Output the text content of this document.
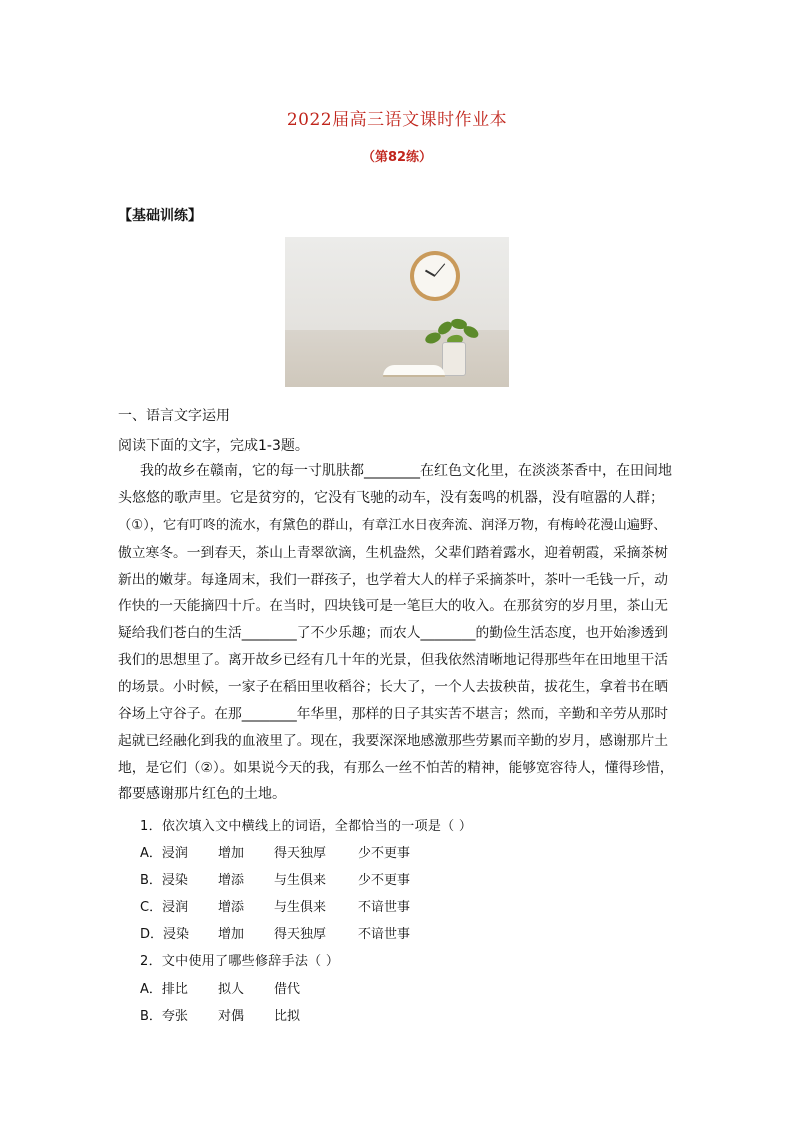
2022届高三语文课时作业本
（第82练）
【基础训练】
一、语言文字运用
阅读下面的文字，完成1-3题。
我的故乡在赣南，它的每一寸肌肤都________在红色文化里，在淡淡茶香中，在田间地
头悠悠的歌声里。它是贫穷的，它没有飞驰的动车，没有轰鸣的机器，没有喧嚣的人群；
（①），它有叮咚的流水，有黛色的群山，有章江水日夜奔流、润泽万物，有梅岭花漫山遍野、
傲立寒冬。一到春天，茶山上青翠欲滴，生机盎然，父辈们踏着露水，迎着朝霞，采摘茶树
新出的嫩芽。每逢周末，我们一群孩子，也学着大人的样子采摘茶叶，茶叶一毛钱一斤，动
作快的一天能摘四十斤。在当时，四块钱可是一笔巨大的收入。在那贫穷的岁月里，茶山无
疑给我们苍白的生活________了不少乐趣；而农人________的勤俭生活态度，也开始渗透到
我们的思想里了。离开故乡已经有几十年的光景，但我依然清晰地记得那些年在田地里干活
的场景。小时候，一家子在稻田里收稻谷；长大了，一个人去拔秧苗，拔花生，拿着书在晒
谷场上守谷子。在那________年华里，那样的日子其实苦不堪言；然而，辛勤和辛劳从那时
起就已经融化到我的血液里了。现在，我要深深地感激那些劳累而辛勤的岁月，感谢那片土
地，是它们（②）。如果说今天的我，有那么一丝不怕苦的精神，能够宽容待人，懂得珍惜，
都要感谢那片红色的土地。
1．依次填入文中横线上的词语，全都恰当的一项是（ ）
A．浸润 增加 得天独厚 少不更事
B．浸染 增添 与生俱来 少不更事
C．浸润 增添 与生俱来 不谙世事
D．浸染 增加 得天独厚 不谙世事
2．文中使用了哪些修辞手法（ ）
A．排比 拟人 借代
B．夸张 对偶 比拟
